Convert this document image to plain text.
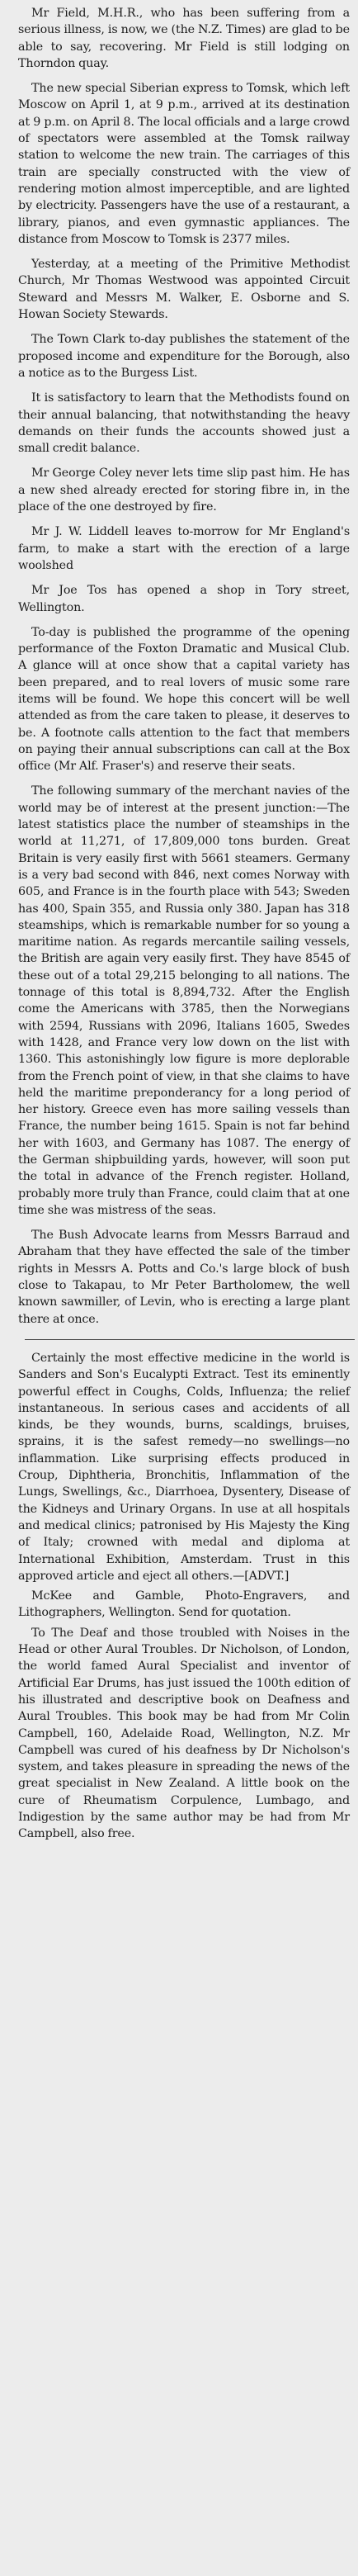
Mr Field, M.H.R., who has been suffering from a serious illness, is now, we (the N.Z. Times) are glad to be able to say, recovering. Mr Field is still lodging on Thorndon quay.

The new special Siberian express to Tomsk, which left Moscow on April 1, at 9 p.m., arrived at its destination at 9 p.m. on April 8. The local officials and a large crowd of spectators were assembled at the Tomsk railway station to welcome the new train. The carriages of this train are specially constructed with the view of rendering motion almost imperceptible, and are lighted by electricity. Passengers have the use of a restaurant, a library, pianos, and even gymnastic appliances. The distance from Moscow to Tomsk is 2377 miles.

Yesterday, at a meeting of the Primitive Methodist Church, Mr Thomas Westwood was appointed Circuit Steward and Messrs M. Walker, E. Osborne and S. Howan Society Stewards.

The Town Clark to-day publishes the statement of the proposed income and expenditure for the Borough, also a notice as to the Burgess List.

It is satisfactory to learn that the Methodists found on their annual balancing, that notwithstanding the heavy demands on their funds the accounts showed just a small credit balance.

Mr George Coley never lets time slip past him. He has a new shed already erected for storing fibre in, in the place of the one destroyed by fire.

Mr J. W. Liddell leaves to-morrow for Mr England's farm, to make a start with the erection of a large woolshed

Mr Joe Tos has opened a shop in Tory street, Wellington.

To-day is published the programme of the opening performance of the Foxton Dramatic and Musical Club. A glance will at once show that a capital variety has been prepared, and to real lovers of music some rare items will be found. We hope this concert will be well attended as from the care taken to please, it deserves to be. A footnote calls attention to the fact that members on paying their annual subscriptions can call at the Box office (Mr Alf. Fraser's) and reserve their seats.

The following summary of the merchant navies of the world may be of interest at the present junction:—The latest statistics place the number of steamships in the world at 11,271, of 17,809,000 tons burden. Great Britain is very easily first with 5661 steamers. Germany is a very bad second with 846, next comes Norway with 605, and France is in the fourth place with 543; Sweden has 400, Spain 355, and Russia only 380. Japan has 318 steamships, which is remarkable number for so young a maritime nation. As regards mercantile sailing vessels, the British are again very easily first. They have 8545 of these out of a total 29,215 belonging to all nations. The tonnage of this total is 8,894,732. After the English come the Americans with 3785, then the Norwegians with 2594, Russians with 2096, Italians 1605, Swedes with 1428, and France very low down on the list with 1360. This astonishingly low figure is more deplorable from the French point of view, in that she claims to have held the maritime preponderancy for a long period of her history. Greece even has more sailing vessels than France, the number being 1615. Spain is not far behind her with 1603, and Germany has 1087. The energy of the German shipbuilding yards, however, will soon put the total in advance of the French register. Holland, probably more truly than France, could claim that at one time she was mistress of the seas.

The Bush Advocate learns from Messrs Barraud and Abraham that they have effected the sale of the timber rights in Messrs A. Potts and Co.'s large block of bush close to Takapau, to Mr Peter Bartholomew, the well known sawmiller, of Levin, who is erecting a large plant there at once.

Certainly the most effective medicine in the world is Sanders and Son's Eucalypti Extract. Test its eminently powerful effect in Coughs, Colds, Influenza; the relief instantaneous. In serious cases and accidents of all kinds, be they wounds, burns, scaldings, bruises, sprains, it is the safest remedy—no swellings—no inflammation. Like surprising effects produced in Croup, Diphtheria, Bronchitis, Inflammation of the Lungs, Swellings, &c., Diarrhoea, Dysentery, Disease of the Kidneys and Urinary Organs. In use at all hospitals and medical clinics; patronised by His Majesty the King of Italy; crowned with medal and diploma at International Exhibition, Amsterdam. Trust in this approved article and eject all others.—[ADVT.]

McKee and Gamble, Photo-Engravers, and Lithographers, Wellington. Send for quotation.

To The Deaf and those troubled with Noises in the Head or other Aural Troubles. Dr Nicholson, of London, the world famed Aural Specialist and inventor of Artificial Ear Drums, has just issued the 100th edition of his illustrated and descriptive book on Deafness and Aural Troubles. This book may be had from Mr Colin Campbell, 160, Adelaide Road, Wellington, N.Z. Mr Campbell was cured of his deafness by Dr Nicholson's system, and takes pleasure in spreading the news of the great specialist in New Zealand. A little book on the cure of Rheumatism Corpulence, Lumbago, and Indigestion by the same author may be had from Mr Campbell, also free.
